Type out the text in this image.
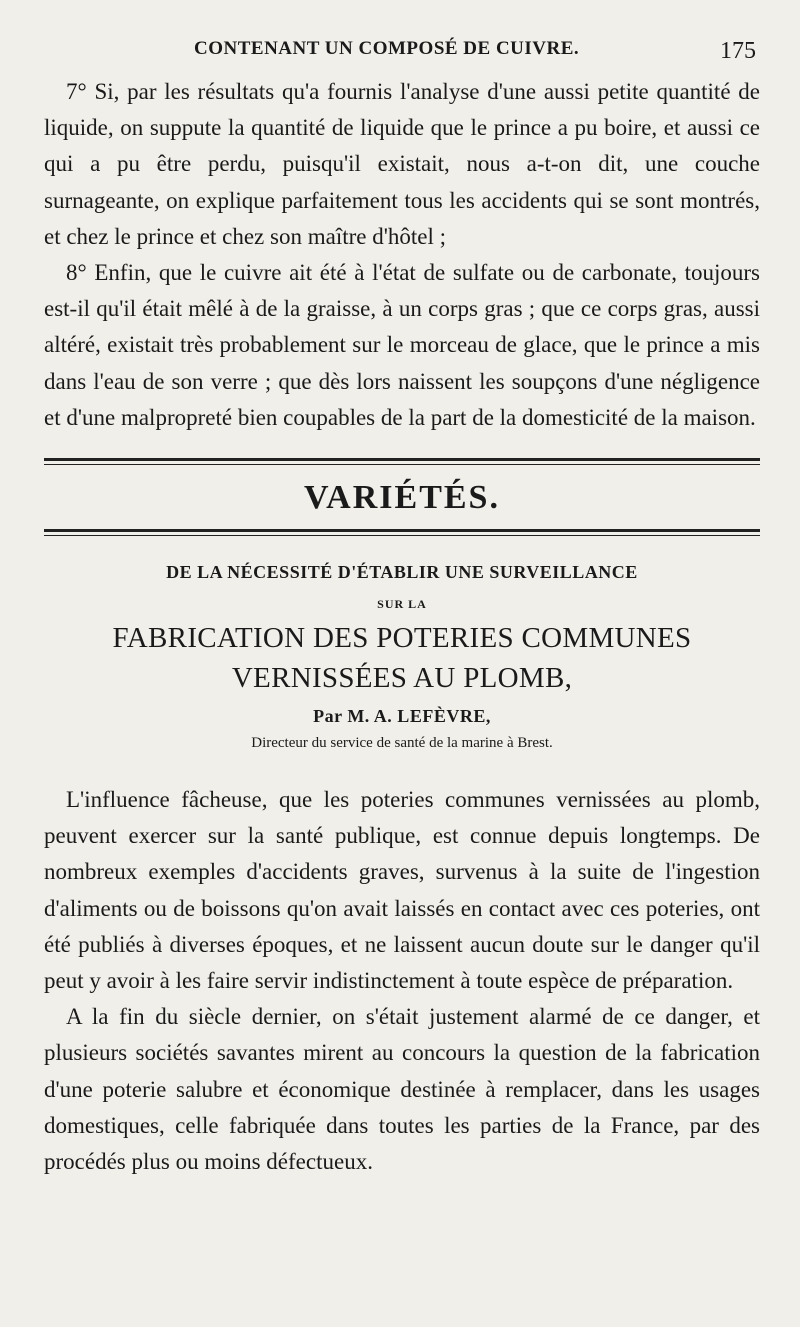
CONTENANT UN COMPOSÉ DE CUIVRE.	175

7° Si, par les résultats qu'a fournis l'analyse d'une aussi petite quantité de liquide, on suppute la quantité de liquide que le prince a pu boire, et aussi ce qui a pu être perdu, puisqu'il existait, nous a-t-on dit, une couche surnageante, on explique parfaitement tous les accidents qui se sont montrés, et chez le prince et chez son maître d'hôtel ;

8° Enfin, que le cuivre ait été à l'état de sulfate ou de carbonate, toujours est-il qu'il était mêlé à de la graisse, à un corps gras ; que ce corps gras, aussi altéré, existait très probablement sur le morceau de glace, que le prince a mis dans l'eau de son verre ; que dès lors naissent les soupçons d'une négligence et d'une malpropreté bien coupables de la part de la domesticité de la maison.

VARIÉTÉS.
DE LA NÉCESSITÉ D'ÉTABLIR UNE SURVEILLANCE
SUR LA
FABRICATION DES POTERIES COMMUNES VERNISSÉES AU PLOMB,
Par M. A. LEFÈVRE,
Directeur du service de santé de la marine à Brest.

L'influence fâcheuse, que les poteries communes vernissées au plomb, peuvent exercer sur la santé publique, est connue depuis longtemps. De nombreux exemples d'accidents graves, survenus à la suite de l'ingestion d'aliments ou de boissons qu'on avait laissés en contact avec ces poteries, ont été publiés à diverses époques, et ne laissent aucun doute sur le danger qu'il peut y avoir à les faire servir indistinctement à toute espèce de préparation.

A la fin du siècle dernier, on s'était justement alarmé de ce danger, et plusieurs sociétés savantes mirent au concours la question de la fabrication d'une poterie salubre et économique destinée à remplacer, dans les usages domestiques, celle fabriquée dans toutes les parties de la France, par des procédés plus ou moins défectueux.
